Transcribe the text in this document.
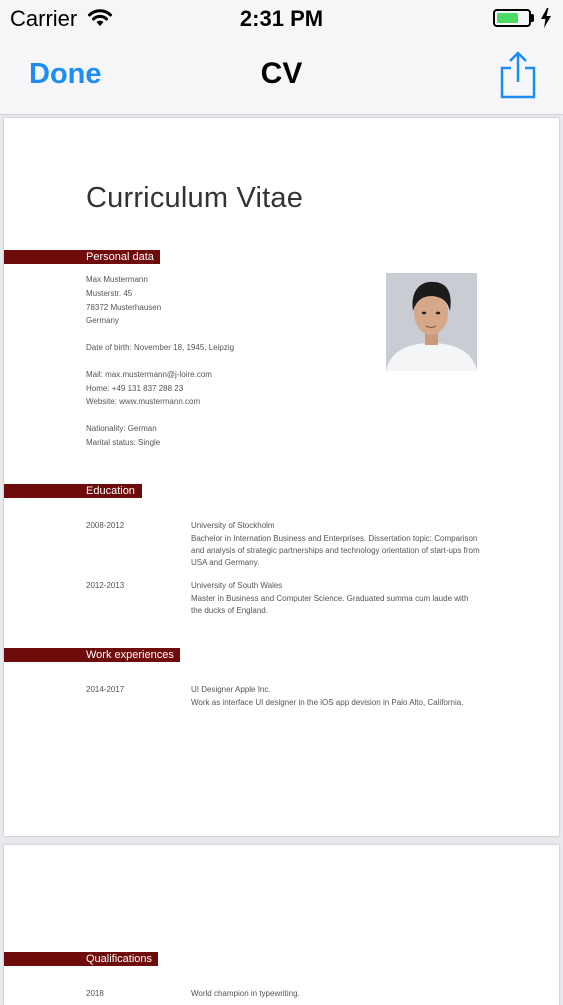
Carrier	2:31 PM
Done	CV
Curriculum Vitae
Personal data
Max Mustermann
Musterstr. 45
78372 Musterhausen
Germany
Date of birth: November 18, 1945, Leipzig
Mail: max.mustermann@j-loire.com
Home: +49 131 837 288 23
Website: www.mustermann.com
Nationality: German
Marital status: Single
Education
2008-2012	University of Stockholm
Bachelor in Internation Business and Enterprises. Dissertation topic: Comparison
and analysis of strategic partnerships and technology orientation of start-ups from
USA and Germany.
2012-2013	University of South Wales
Master in Business and Computer Science. Graduated summa cum laude with
the ducks of England.
Work experiences
2014-2017	UI Designer Apple Inc.
Work as interface UI designer in the iOS app devision in Palo Alto, California.
Qualifications
2018	World champion in typewriting.
